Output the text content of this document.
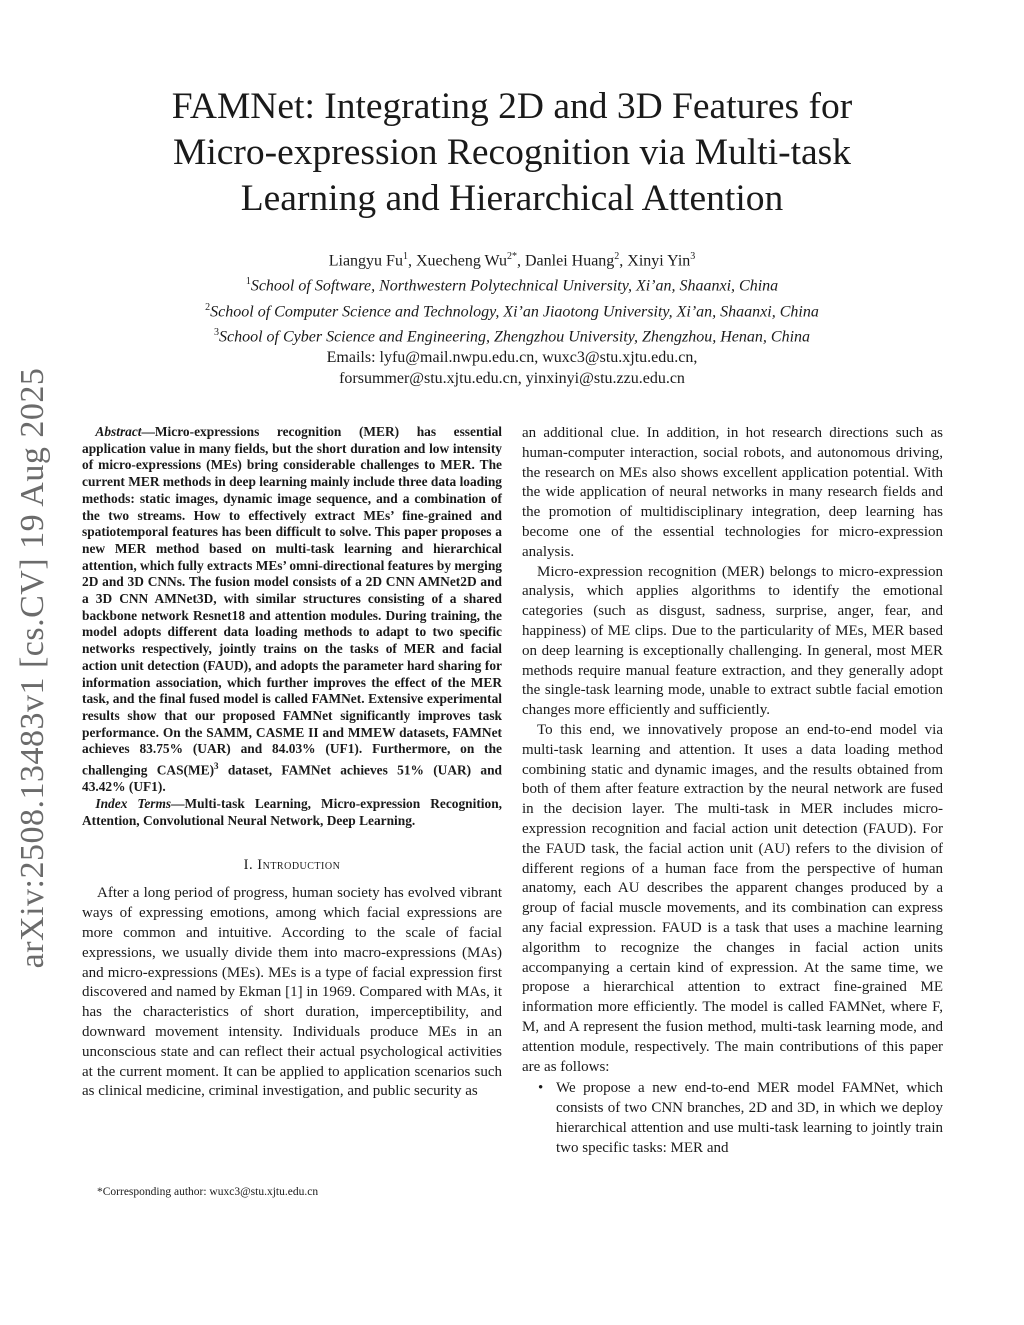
arXiv:2508.13483v1 [cs.CV] 19 Aug 2025
FAMNet: Integrating 2D and 3D Features for
Micro-expression Recognition via Multi-task
Learning and Hierarchical Attention
Liangyu Fu$^1$, Xuecheng $Wu^{2*}$, Danlei Huang$^2$, Xinyi Yin$^3$
$^1$School of Software, Northwestern Polytechnical University, Xi’an, Shaanxi, China
$^2$School of Computer Science and Technology, Xi’an Jiaotong University, Xi’an, Shaanxi, China
$^3$School of Cyber Science and Engineering, Zhengzhou University, Zhengzhou, Henan, China
Emails: lyfu@mail.nwpu.edu.cn, wuxc3@stu.xjtu.edu.cn,
forsummer@stu.xjtu.edu.cn, yinxinyi@stu.zzu.edu.cn

Abstract—Micro-expressions recognition (MER) has essential application value in many fields, but the short duration and low intensity of micro-expressions (MEs) bring considerable challenges to MER. The current MER methods in deep learning mainly include three data loading methods: static images, dynamic image sequence, and a combination of the two streams. How to effectively extract MEs’ fine-grained and spatiotemporal features has been difficult to solve. This paper proposes a new MER method based on multi-task learning and hierarchical attention, which fully extracts MEs’ omni-directional features by merging 2D and 3D CNNs. The fusion model consists of a 2D CNN AMNet2D and a 3D CNN AMNet3D, with similar structures consisting of a shared backbone network Resnet18 and attention modules. During training, the model adopts different data loading methods to adapt to two specific networks respectively, jointly trains on the tasks of MER and facial action unit detection (FAUD), and adopts the parameter hard sharing for information association, which further improves the effect of the MER task, and the final fused model is called FAMNet. Extensive experimental results show that our proposed FAMNet significantly improves task performance. On the SAMM, CASME II and MMEW datasets, FAMNet achieves 83.75% (UAR) and 84.03% (UF1). Furthermore, on the challenging CAS(ME)$^3$ dataset, FAMNet achieves 51% (UAR) and 43.42% (UF1).

Index Terms—Multi-task Learning, Micro-expression Recognition, Attention, Convolutional Neural Network, Deep Learning.

I. Introduction

After a long period of progress, human society has evolved vibrant ways of expressing emotions, among which facial expressions are more common and intuitive. According to the scale of facial expressions, we usually divide them into macro-expressions (MAs) and micro-expressions (MEs). MEs is a type of facial expression first discovered and named by Ekman [1] in 1969. Compared with MAs, it has the characteristics of short duration, imperceptibility, and downward movement intensity. Individuals produce MEs in an unconscious state and can reflect their actual psychological activities at the current moment. It can be applied to application scenarios such as clinical medicine, criminal investigation, and public security as

*Corresponding author: wuxc3@stu.xjtu.edu.cn

an additional clue. In addition, in hot research directions such as human-computer interaction, social robots, and autonomous driving, the research on MEs also shows excellent application potential. With the wide application of neural networks in many research fields and the promotion of multidisciplinary integration, deep learning has become one of the essential technologies for micro-expression analysis.

Micro-expression recognition (MER) belongs to micro-expression analysis, which applies algorithms to identify the emotional categories (such as disgust, sadness, surprise, anger, fear, and happiness) of ME clips. Due to the particularity of MEs, MER based on deep learning is exceptionally challenging. In general, most MER methods require manual feature extraction, and they generally adopt the single-task learning mode, unable to extract subtle facial emotion changes more efficiently and sufficiently.

To this end, we innovatively propose an end-to-end model via multi-task learning and attention. It uses a data loading method combining static and dynamic images, and the results obtained from both of them after feature extraction by the neural network are fused in the decision layer. The multi-task in MER includes micro-expression recognition and facial action unit detection (FAUD). For the FAUD task, the facial action unit (AU) refers to the division of different regions of a human face from the perspective of human anatomy, each AU describes the apparent changes produced by a group of facial muscle movements, and its combination can express any facial expression. FAUD is a task that uses a machine learning algorithm to recognize the changes in facial action units accompanying a certain kind of expression. At the same time, we propose a hierarchical attention to extract fine-grained ME information more efficiently. The model is called FAMNet, where F, M, and A represent the fusion method, multi-task learning mode, and attention module, respectively. The main contributions of this paper are as follows:

• We propose a new end-to-end MER model FAMNet, which consists of two CNN branches, 2D and 3D, in which we deploy hierarchical attention and use multi-task learning to jointly train two specific tasks: MER and
